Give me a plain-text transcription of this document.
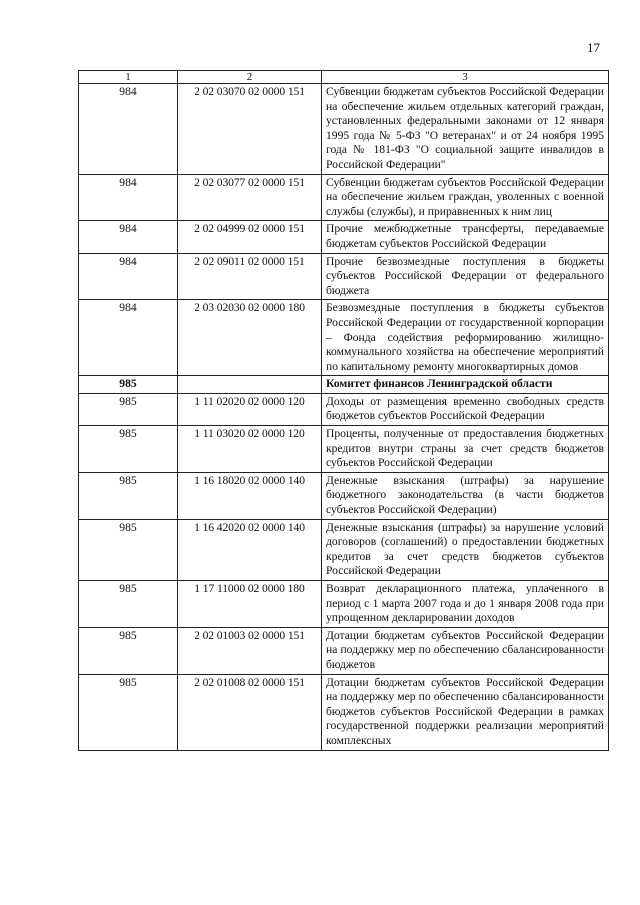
17
1	2	3
984	2 02 03070 02 0000 151	Субвенции бюджетам субъектов Российской Федерации на обеспечение жильем отдельных категорий граждан, установленных федеральными законами от 12 января 1995 года № 5-ФЗ "О ветеранах" и от 24 ноября 1995 года № 181-ФЗ "О социальной защите инвалидов в Российской Федерации"
984	2 02 03077 02 0000 151	Субвенции бюджетам субъектов Российской Федерации на обеспечение жильем граждан, уволенных с военной службы (службы), и приравненных к ним лиц
984	2 02 04999 02 0000 151	Прочие межбюджетные трансферты, передаваемые бюджетам субъектов Российской Федерации
984	2 02 09011 02 0000 151	Прочие безвозмездные поступления в бюджеты субъектов Российской Федерации от федерального бюджета
984	2 03 02030 02 0000 180	Безвозмездные поступления в бюджеты субъектов Российской Федерации от государственной корпорации – Фонда содействия реформированию жилищно-коммунального хозяйства на обеспечение мероприятий по капитальному ремонту многоквартирных домов
985		Комитет финансов Ленинградской области
985	1 11 02020 02 0000 120	Доходы от размещения временно свободных средств бюджетов субъектов Российской Федерации
985	1 11 03020 02 0000 120	Проценты, полученные от предоставления бюджетных кредитов внутри страны за счет средств бюджетов субъектов Российской Федерации
985	1 16 18020 02 0000 140	Денежные взыскания (штрафы) за нарушение бюджетного законодательства (в части бюджетов субъектов Российской Федерации)
985	1 16 42020 02 0000 140	Денежные взыскания (штрафы) за нарушение условий договоров (соглашений) о предоставлении бюджетных кредитов за счет средств бюджетов субъектов Российской Федерации
985	1 17 11000 02 0000 180	Возврат декларационного платежа, уплаченного в период с 1 марта 2007 года и до 1 января 2008 года при упрощенном декларировании доходов
985	2 02 01003 02 0000 151	Дотации бюджетам субъектов Российской Федерации на поддержку мер по обеспечению сбалансированности бюджетов
985	2 02 01008 02 0000 151	Дотации бюджетам субъектов Российской Федерации на поддержку мер по обеспечению сбалансированности бюджетов субъектов Российской Федерации в рамках государственной поддержки реализации мероприятий комплексных
